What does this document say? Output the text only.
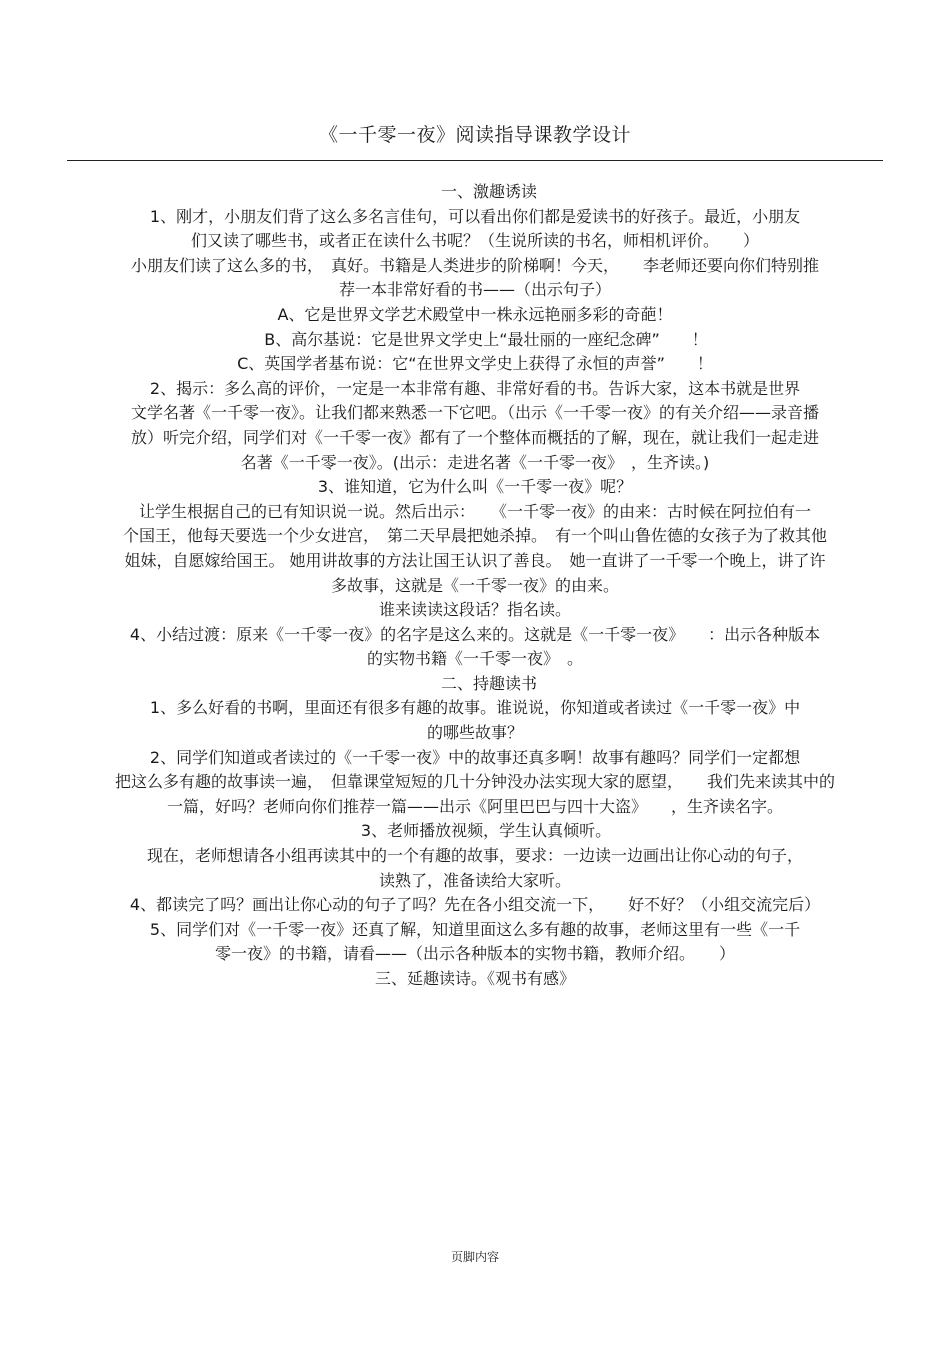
《一千零一夜》阅读指导课教学设计
一、激趣诱读
1、刚才，小朋友们背了这么多名言佳句，可以看出你们都是爱读书的好孩子。最近，小朋友
们又读了哪些书，或者正在读什么书呢？（生说所读的书名，师相机评价。　　）
小朋友们读了这么多的书，　真好。书籍是人类进步的阶梯啊！今天，　　李老师还要向你们特别推
荐一本非常好看的书——（出示句子）
A、它是世界文学艺术殿堂中一株永远艳丽多彩的奇葩！
B、高尔基说：它是世界文学史上“最壮丽的一座纪念碑”　　！
C、英国学者基布说：它“在世界文学史上获得了永恒的声誉”　　！
2、揭示：多么高的评价，一定是一本非常有趣、非常好看的书。告诉大家，这本书就是世界
文学名著《一千零一夜》。让我们都来熟悉一下它吧。（出示《一千零一夜》的有关介绍——录音播
放）听完介绍，同学们对《一千零一夜》都有了一个整体而概括的了解，现在，就让我们一起走进
名著《一千零一夜》。(出示：走进名著《一千零一夜》　，生齐读。)
3、谁知道，它为什么叫《一千零一夜》呢？
让学生根据自己的已有知识说一说。然后出示：　　《一千零一夜》的由来：古时候在阿拉伯有一
个国王，他每天要选一个少女进宫，　第二天早晨把她杀掉。　有一个叫山鲁佐德的女孩子为了救其他
姐妹，自愿嫁给国王。 她用讲故事的方法让国王认识了善良。　她一直讲了一千零一个晚上，讲了许
多故事，这就是《一千零一夜》的由来。
谁来读读这段话？指名读。
4、小结过渡：原来《一千零一夜》的名字是这么来的。这就是《一千零一夜》　　：出示各种版本
的实物书籍《一千零一夜》　。
二、持趣读书
1、多么好看的书啊，里面还有很多有趣的故事。谁说说，你知道或者读过《一千零一夜》中
的哪些故事？
2、同学们知道或者读过的《一千零一夜》中的故事还真多啊！故事有趣吗？同学们一定都想
把这么多有趣的故事读一遍，　但靠课堂短短的几十分钟没办法实现大家的愿望，　　我们先来读其中的
一篇，好吗？老师向你们推荐一篇——出示《阿里巴巴与四十大盗》　　，生齐读名字。
3、老师播放视频，学生认真倾听。
现在，老师想请各小组再读其中的一个有趣的故事，要求：一边读一边画出让你心动的句子，
读熟了，准备读给大家听。
4、都读完了吗？画出让你心动的句子了吗？先在各小组交流一下，　　好不好？（小组交流完后）
5、同学们对《一千零一夜》还真了解，知道里面这么多有趣的故事，老师这里有一些《一千
零一夜》的书籍，请看——（出示各种版本的实物书籍，教师介绍。　　）
三、延趣读诗。《观书有感》
页脚内容
